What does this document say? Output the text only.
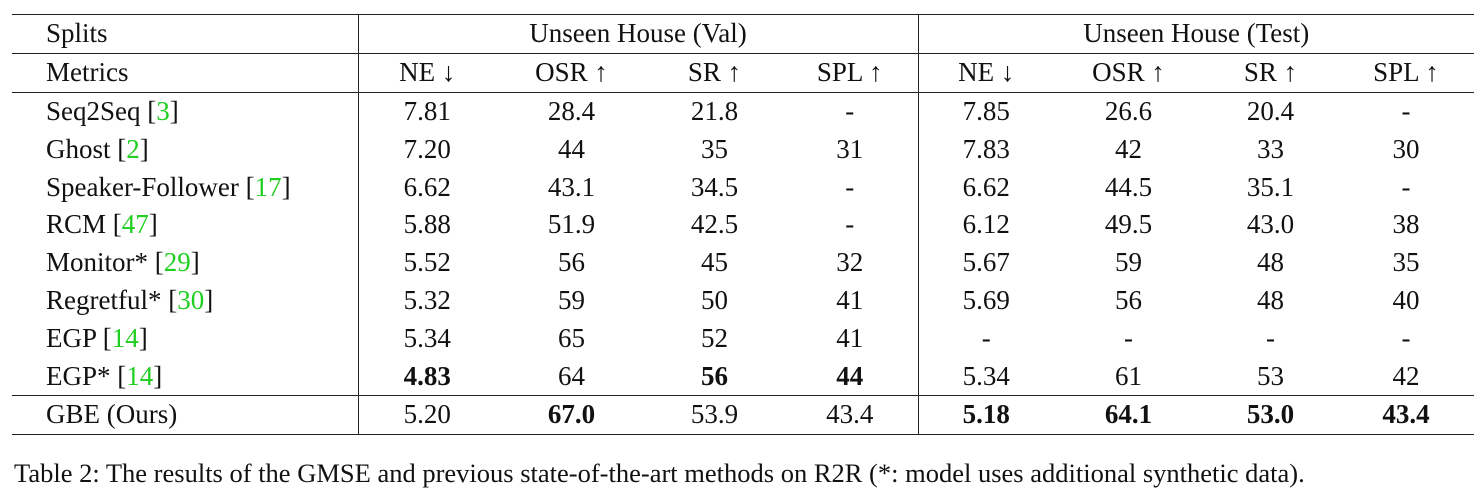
Splits	Unseen House (Val)				Unseen House (Test)			
Metrics	NE ↓	OSR ↑	SR ↑	SPL ↑	NE ↓	OSR ↑	SR ↑	SPL ↑
Seq2Seq [3]	7.81	28.4	21.8	-	7.85	26.6	20.4	-
Ghost [2]	7.20	44	35	31	7.83	42	33	30
Speaker-Follower [17]	6.62	43.1	34.5	-	6.62	44.5	35.1	-
RCM [47]	5.88	51.9	42.5	-	6.12	49.5	43.0	38
Monitor* [29]	5.52	56	45	32	5.67	59	48	35
Regretful* [30]	5.32	59	50	41	5.69	56	48	40
EGP [14]	5.34	65	52	41	-	-	-	-
EGP* [14]	4.83	64	56	44	5.34	61	53	42
GBE (Ours)	5.20	67.0	53.9	43.4	5.18	64.1	53.0	43.4
Table 2: The results of the GMSE and previous state-of-the-art methods on R2R (*: model uses additional synthetic data).
